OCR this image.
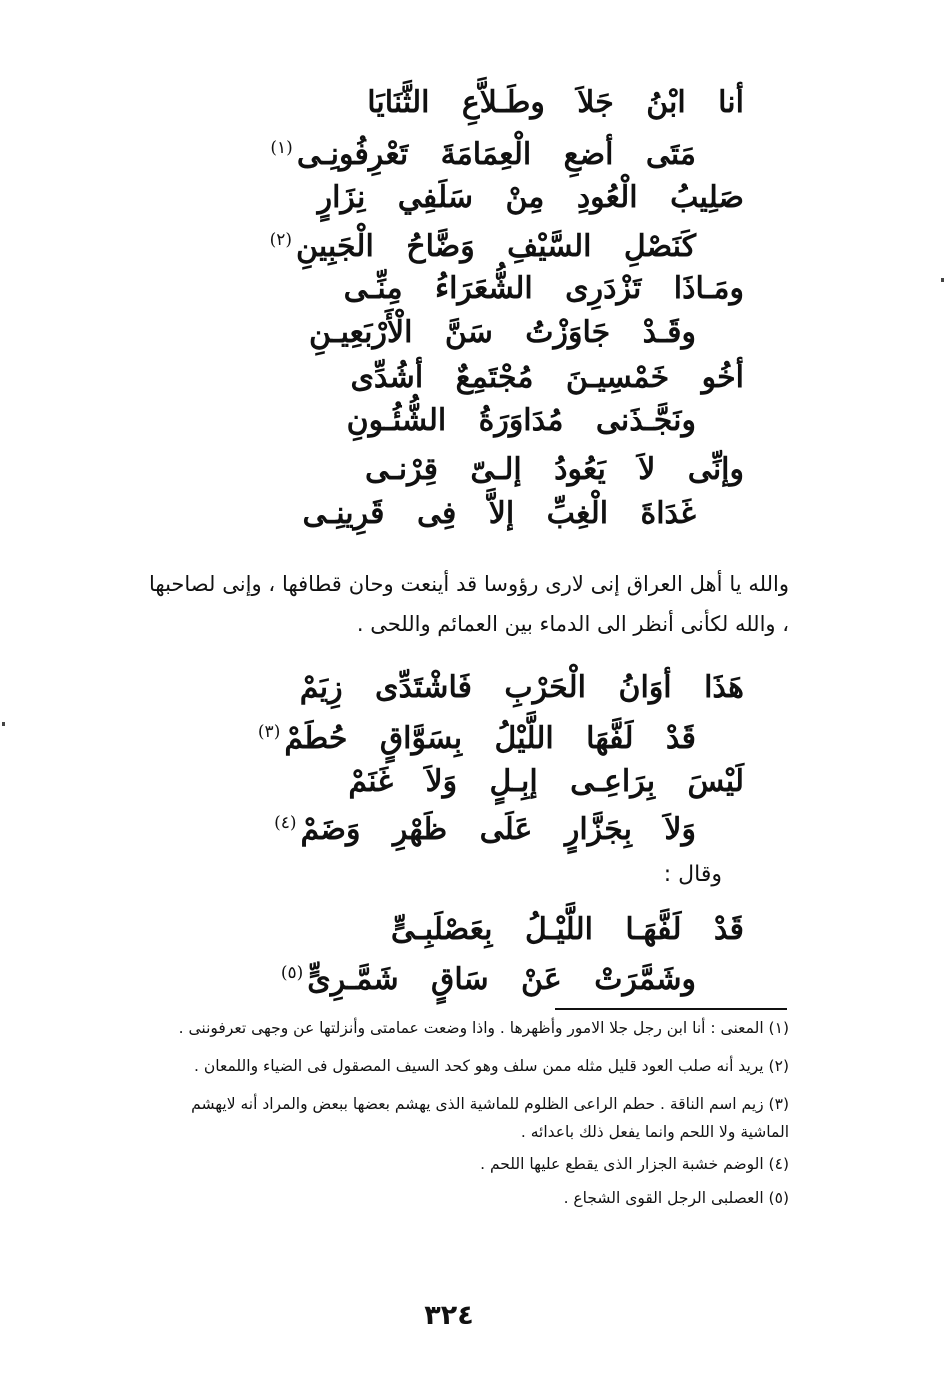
أنا ابْنُ جَلاَ وطَـلاَّعِ الثَّنَايَا
مَتَى أضعِ الْعِمَامَةَ تَعْرِفُونِـى$^{(١)}$
صَلِيبُ الْعُودِ مِنْ سَلَفِي نِزَارٍ
كَنَصْلِ السَّيْفِ وَضَّاحُ الْجَبِينِ$^{(٢)}$
ومَـاذَا تَزْدَرِى الشُّعَرَاءُ مِنِّـى
وقَـدْ جَاوَزْتُ سَنَّ الْأَرْبَعِيـنِ
أخُو خَمْسِيـنَ مُجْتَمِعٌ أشُدِّى
ونَجَّـذَنى مُدَاوَرَةُ الشُّئُـونِ
وإنِّى لاَ يَعُودُ إلـىّ قِرْنـى
غَدَاةَ الْغِبِّ إلاَّ فِى قَرِينِـى
والله يا أهل العراق إنى لارى رؤوسا قد أينعت وحان قطافها ، وإنى لصاحبها ، والله لكأنى أنظر الى الدماء بين العمائم واللحى .
هَذَا أوَانُ الْحَرْبِ فَاشْتَدِّى زِيَمْ
قَدْ لَفَّهَا اللَّيْلُ بِسَوَّاقٍ حُطَمْ$^{(٣)}$
لَيْسَ بِرَاعِـى إبِـلٍ وَلاَ غَنَمْ
وَلاَ بِجَزَّارٍ عَلَى ظَهْرِ وَضَمْ$^{(٤)}$
وقال :
قَدْ لَفَّهَـا اللَّيْـلُ بِعَصْلَبِـىٍّ
وشَمَّرَتْ عَنْ سَاقٍ شَمَّـرِىٍّ$^{(٥)}$
(١) المعنى : أنا ابن رجل جلا الامور وأظهرها . واذا وضعت عمامتى وأنزلتها عن وجهى تعرفوننى .
(٢) يريد أنه صلب العود قليل مثله ممن سلف وهو كحد السيف المصقول فى الضياء واللمعان .
(٣) زيم اسم الناقة . حطم الراعى الظلوم للماشية الذى يهشم بعضها ببعض والمراد أنه لايهشم الماشية ولا اللحم وانما يفعل ذلك باعدائه .
(٤) الوضم خشبة الجزار الذى يقطع عليها اللحم .
(٥) العصلبى الرجل القوى الشجاع .
٣٢٤
